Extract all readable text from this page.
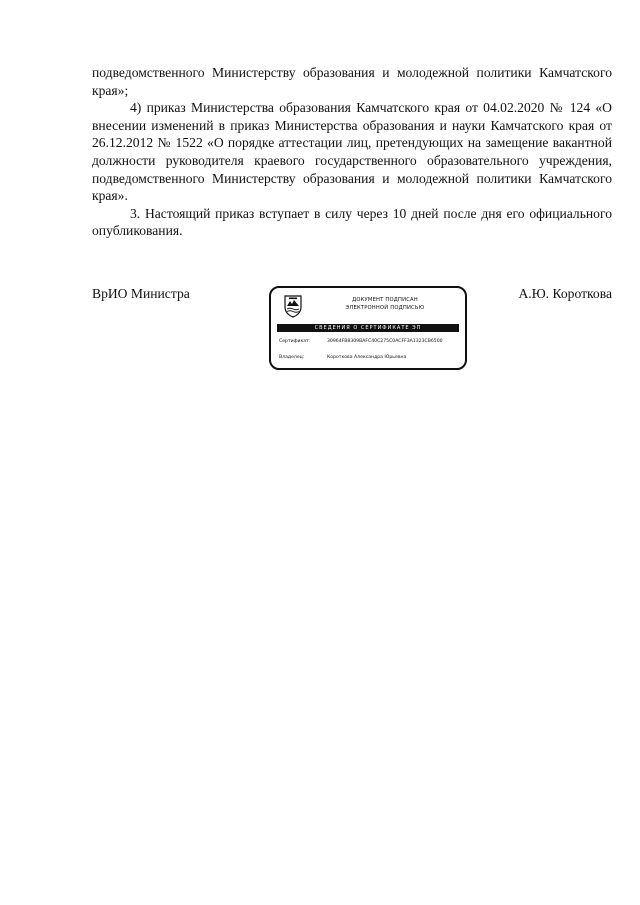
подведомственного Министерству образования и молодежной политики Камчатского края»;

4) приказ Министерства образования Камчатского края от 04.02.2020 № 124 «О внесении изменений в приказ Министерства образования и науки Камчатского края от 26.12.2012 № 1522 «О порядке аттестации лиц, претендующих на замещение вакантной должности руководителя краевого государственного образовательного учреждения, подведомственного Министерству образования и молодежной политики Камчатского края».

3. Настоящий приказ вступает в силу через 10 дней после дня его официального опубликования.

ВрИО Министра	ДОКУМЕНТ ПОДПИСАН
ЭЛЕКТРОННОЙ ПОДПИСЬЮ
СВЕДЕНИЯ О СЕРТИФИКАТЕ ЭП
Сертификат:	30964FB8309BAFC40C275C0ACFF3A1323CB6500
Владелец:	Короткова Александра Юрьевна
А.Ю. Короткова
